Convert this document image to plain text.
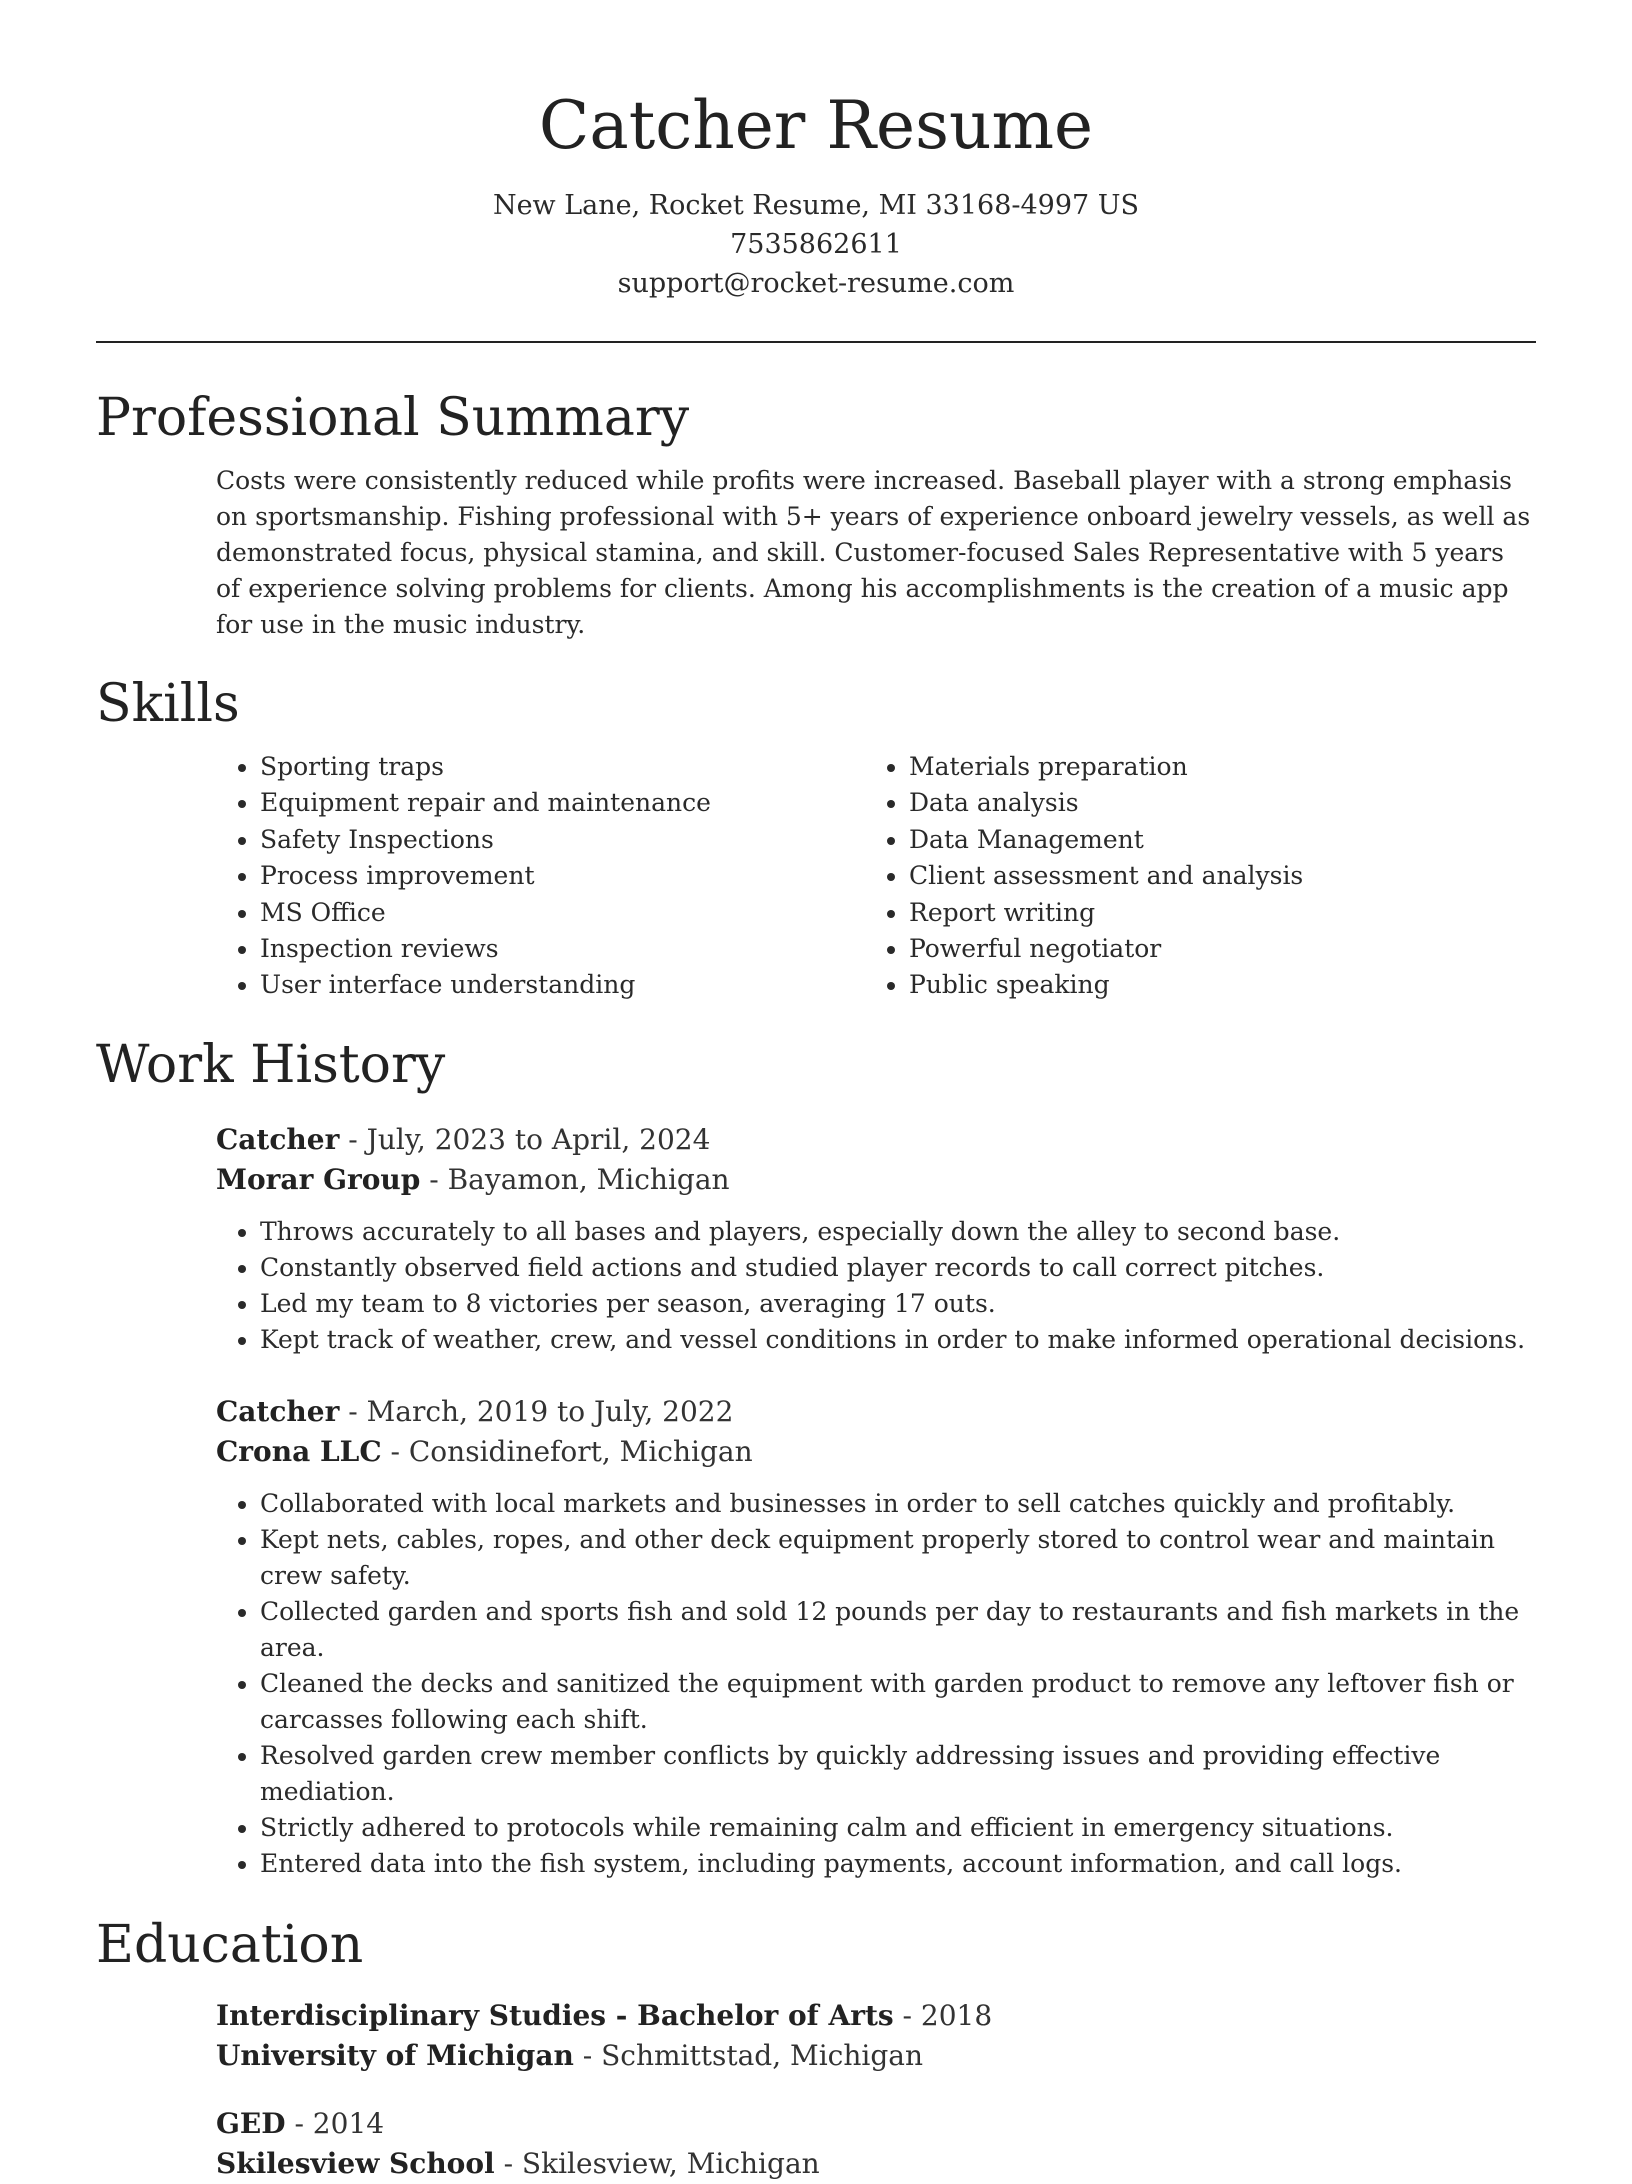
Catcher Resume
New Lane, Rocket Resume, MI 33168-4997 US
7535862611
support@rocket-resume.com
Professional Summary

Costs were consistently reduced while profits were increased. Baseball player with a strong emphasis on sportsmanship. Fishing professional with 5+ years of experience onboard jewelry vessels, as well as demonstrated focus, physical stamina, and skill. Customer-focused Sales Representative with 5 years of experience solving problems for clients. Among his accomplishments is the creation of a music app for use in the music industry.

Skills
• Sporting traps
• Equipment repair and maintenance
• Safety Inspections
• Process improvement
• MS Office
• Inspection reviews
• User interface understanding
• Materials preparation
• Data analysis
• Data Management
• Client assessment and analysis
• Report writing
• Powerful negotiator
• Public speaking
Work History
Catcher - July, 2023 to April, 2024
Morar Group - Bayamon, Michigan
• Throws accurately to all bases and players, especially down the alley to second base.
• Constantly observed field actions and studied player records to call correct pitches.
• Led my team to 8 victories per season, averaging 17 outs.
• Kept track of weather, crew, and vessel conditions in order to make informed operational decisions.
Catcher - March, 2019 to July, 2022
Crona LLC - Considinefort, Michigan
• Collaborated with local markets and businesses in order to sell catches quickly and profitably.
• Kept nets, cables, ropes, and other deck equipment properly stored to control wear and maintain crew safety.
• Collected garden and sports fish and sold 12 pounds per day to restaurants and fish markets in the area.
• Cleaned the decks and sanitized the equipment with garden product to remove any leftover fish or carcasses following each shift.
• Resolved garden crew member conflicts by quickly addressing issues and providing effective mediation.
• Strictly adhered to protocols while remaining calm and efficient in emergency situations.
• Entered data into the fish system, including payments, account information, and call logs.
Education
Interdisciplinary Studies - Bachelor of Arts - 2018
University of Michigan - Schmittstad, Michigan
GED - 2014
Skilesview School - Skilesview, Michigan
